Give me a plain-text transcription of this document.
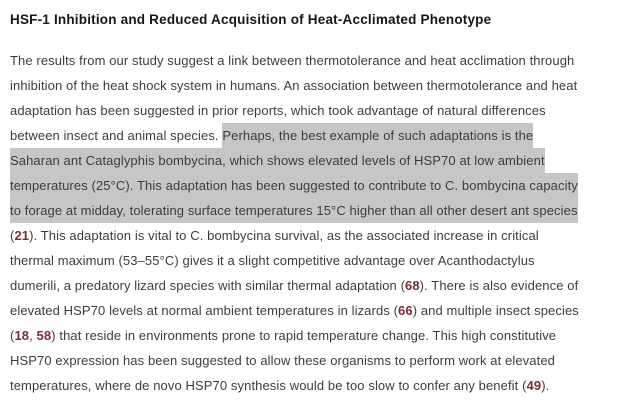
HSF-1 Inhibition and Reduced Acquisition of Heat-Acclimated Phenotype
The results from our study suggest a link between thermotolerance and heat acclimation through
inhibition of the heat shock system in humans. An association between thermotolerance and heat
adaptation has been suggested in prior reports, which took advantage of natural differences
between insect and animal species. Perhaps, the best example of such adaptations is the
Saharan ant Cataglyphis bombycina, which shows elevated levels of HSP70 at low ambient
temperatures (25°C). This adaptation has been suggested to contribute to C. bombycina capacity
to forage at midday, tolerating surface temperatures 15°C higher than all other desert ant species
(21). This adaptation is vital to C. bombycina survival, as the associated increase in critical
thermal maximum (53–55°C) gives it a slight competitive advantage over Acanthodactylus
dumerili, a predatory lizard species with similar thermal adaptation (68). There is also evidence of
elevated HSP70 levels at normal ambient temperatures in lizards (66) and multiple insect species
(18, 58) that reside in environments prone to rapid temperature change. This high constitutive
HSP70 expression has been suggested to allow these organisms to perform work at elevated
temperatures, where de novo HSP70 synthesis would be too slow to confer any benefit (49).
